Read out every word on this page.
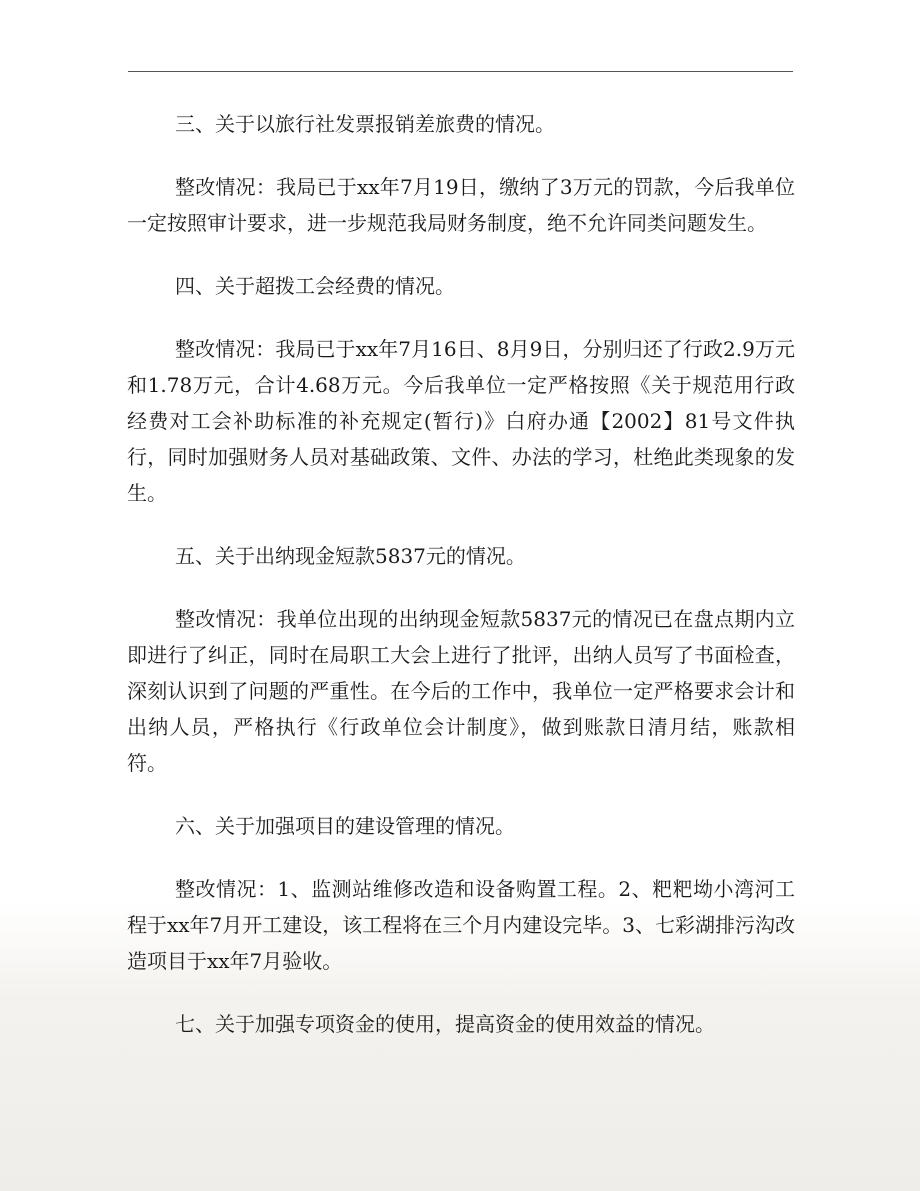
三、关于以旅行社发票报销差旅费的情况。
整改情况：我局已于xx年7月19日，缴纳了3万元的罚款，今后我单位一定按照审计要求，进一步规范我局财务制度，绝不允许同类问题发生。
四、关于超拨工会经费的情况。
整改情况：我局已于xx年7月16日、8月9日，分别归还了行政2.9万元和1.78万元，合计4.68万元。今后我单位一定严格按照《关于规范用行政经费对工会补助标准的补充规定(暂行)》白府办通【2002】81号文件执行，同时加强财务人员对基础政策、文件、办法的学习，杜绝此类现象的发生。
五、关于出纳现金短款5837元的情况。
整改情况：我单位出现的出纳现金短款5837元的情况已在盘点期内立即进行了纠正，同时在局职工大会上进行了批评，出纳人员写了书面检查，深刻认识到了问题的严重性。在今后的工作中，我单位一定严格要求会计和出纳人员，严格执行《行政单位会计制度》，做到账款日清月结，账款相符。
六、关于加强项目的建设管理的情况。
整改情况：1、监测站维修改造和设备购置工程。2、粑粑坳小湾河工程于xx年7月开工建设，该工程将在三个月内建设完毕。3、七彩湖排污沟改造项目于xx年7月验收。
七、关于加强专项资金的使用，提高资金的使用效益的情况。
